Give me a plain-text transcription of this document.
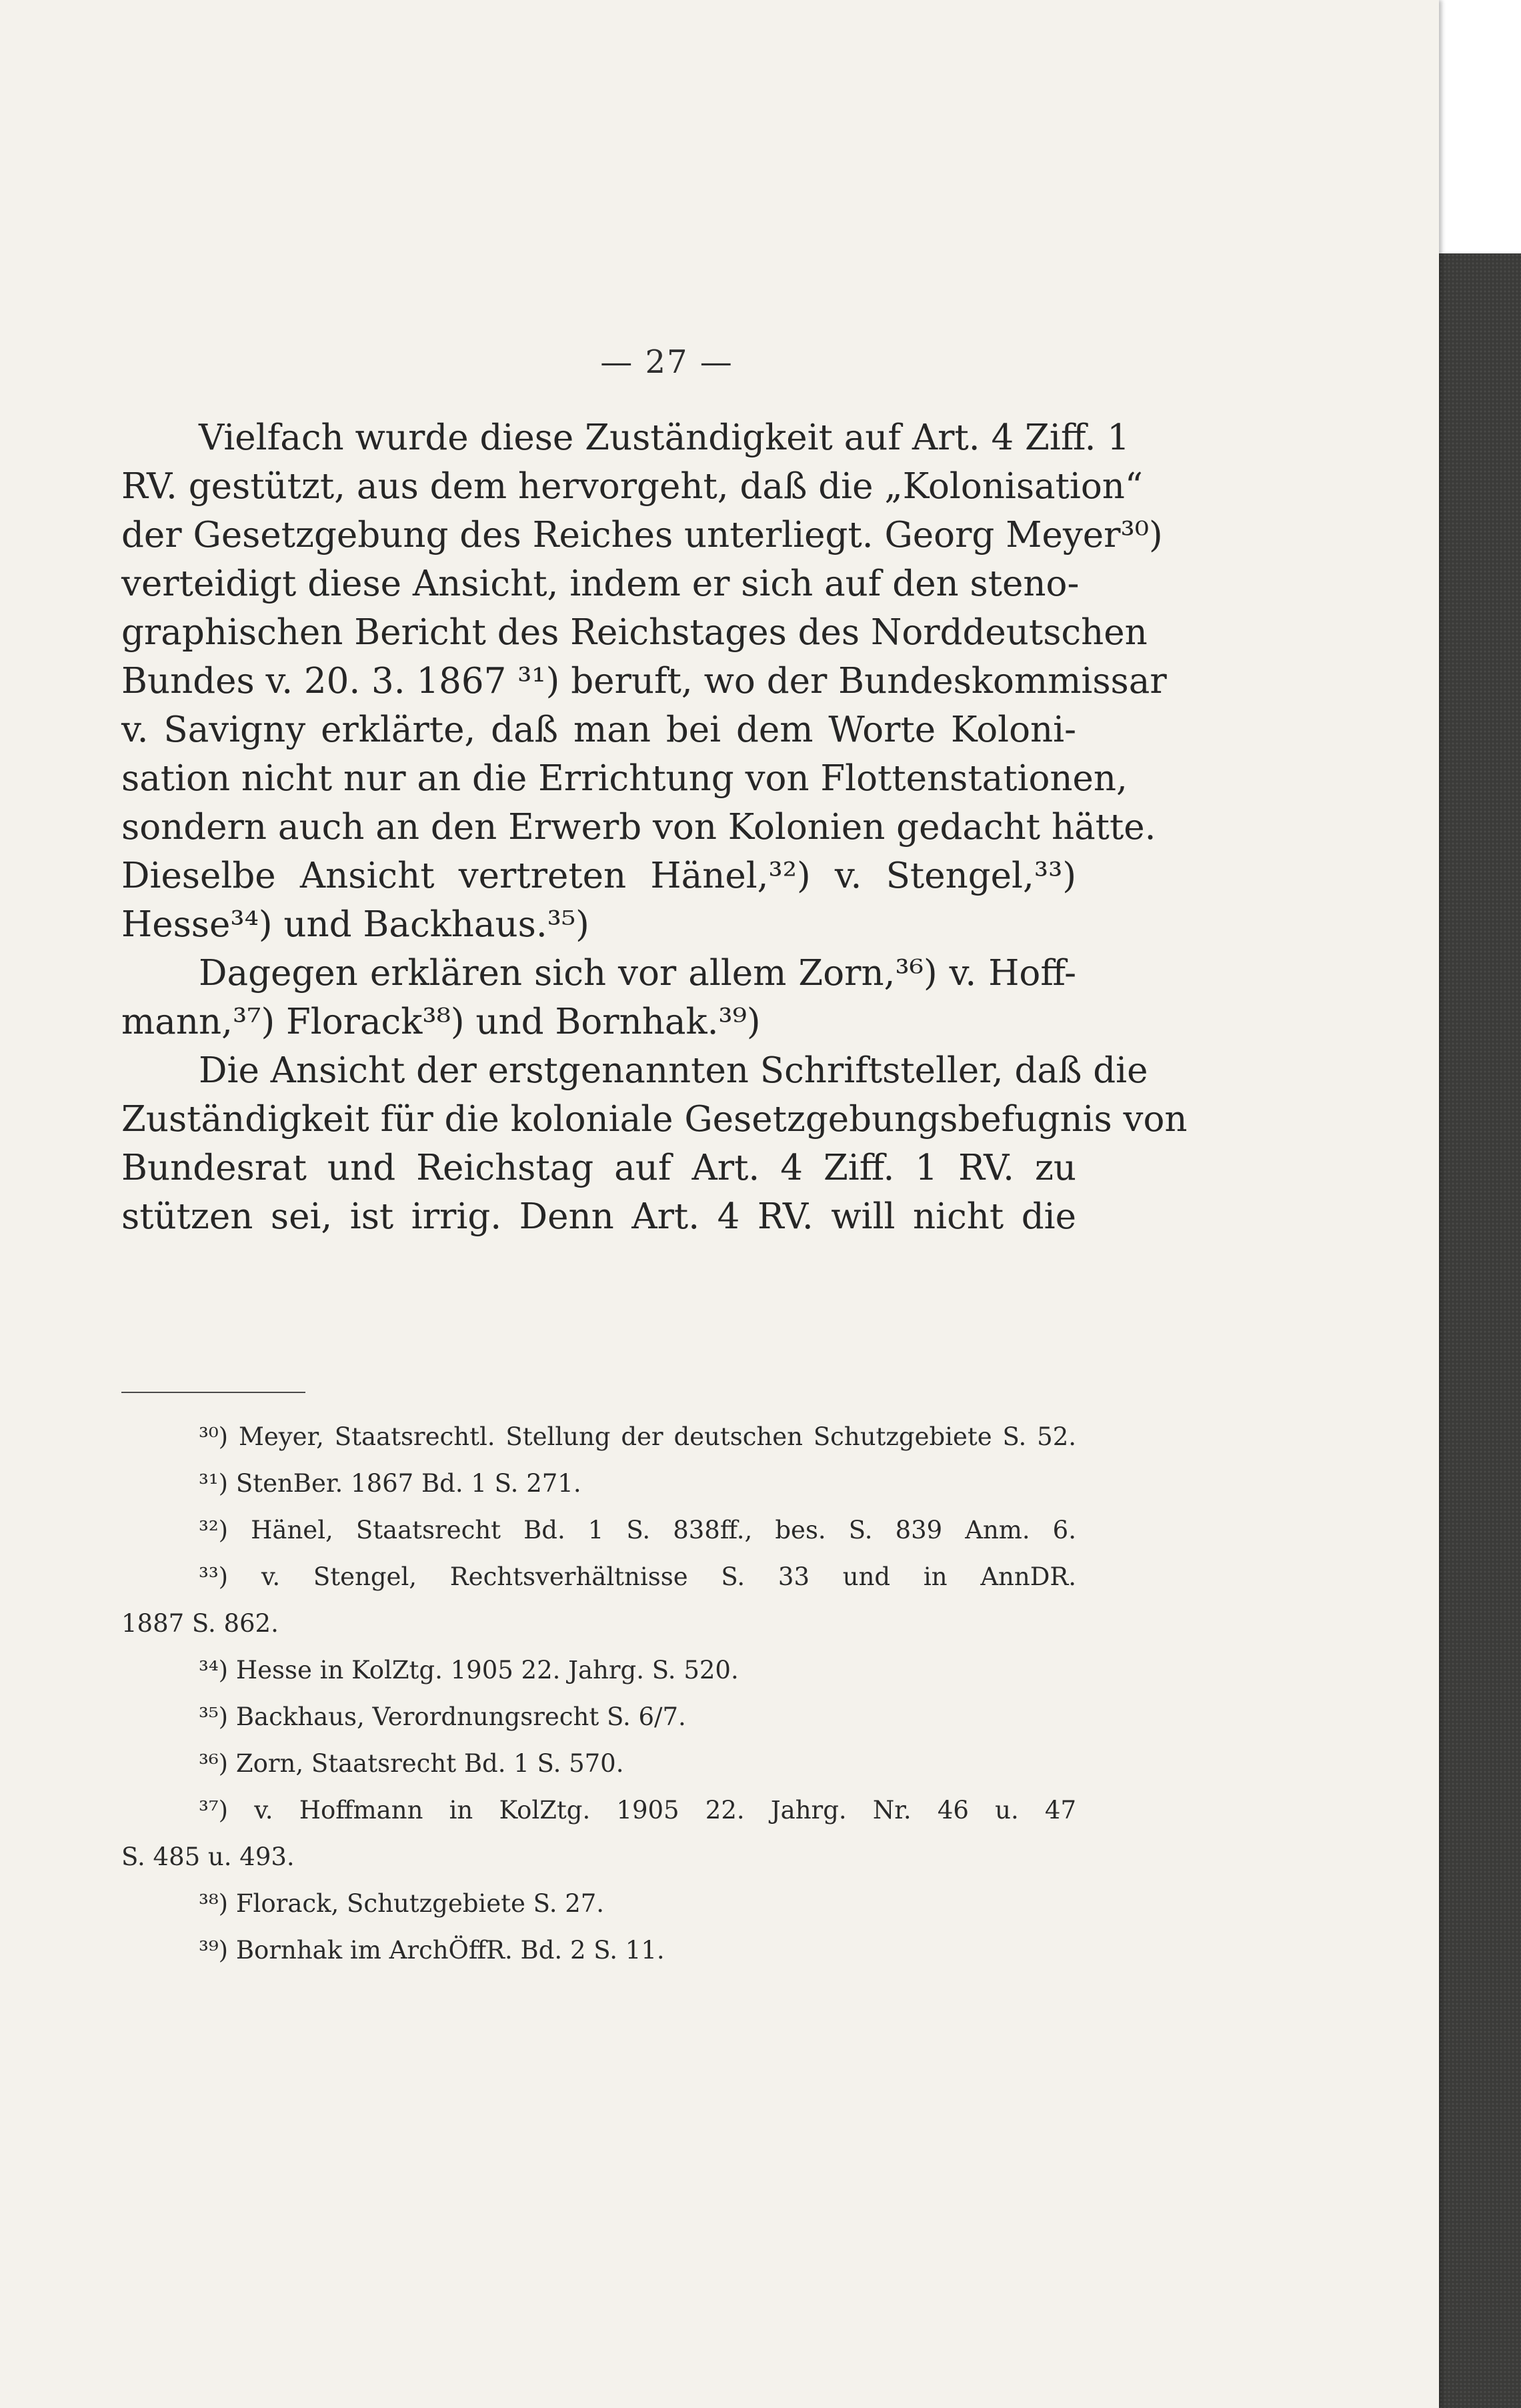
— 27 —
Vielfach wurde diese Zuständigkeit auf Art. 4 Ziff. 1
RV. gestützt, aus dem hervorgeht, daß die „Kolonisation“
der Gesetzgebung des Reiches unterliegt. Georg Meyer³⁰)
verteidigt diese Ansicht, indem er sich auf den steno-
graphischen Bericht des Reichstages des Norddeutschen
Bundes v. 20. 3. 1867 ³¹) beruft, wo der Bundeskommissar
v. Savigny erklärte, daß man bei dem Worte Koloni-
sation nicht nur an die Errichtung von Flottenstationen,
sondern auch an den Erwerb von Kolonien gedacht hätte.
Dieselbe Ansicht vertreten Hänel,³²) v. Stengel,³³)
Hesse³⁴) und Backhaus.³⁵)
Dagegen erklären sich vor allem Zorn,³⁶) v. Hoff-
mann,³⁷) Florack³⁸) und Bornhak.³⁹)
Die Ansicht der erstgenannten Schriftsteller, daß die
Zuständigkeit für die koloniale Gesetzgebungsbefugnis von
Bundesrat und Reichstag auf Art. 4 Ziff. 1 RV. zu
stützen sei, ist irrig. Denn Art. 4 RV. will nicht die
³⁰) Meyer, Staatsrechtl. Stellung der deutschen Schutzgebiete S. 52.
³¹) StenBer. 1867 Bd. 1 S. 271.
³²) Hänel, Staatsrecht Bd. 1 S. 838ff., bes. S. 839 Anm. 6.
³³) v. Stengel, Rechtsverhältnisse S. 33 und in AnnDR.
1887 S. 862.
³⁴) Hesse in KolZtg. 1905 22. Jahrg. S. 520.
³⁵) Backhaus, Verordnungsrecht S. 6/7.
³⁶) Zorn, Staatsrecht Bd. 1 S. 570.
³⁷) v. Hoffmann in KolZtg. 1905 22. Jahrg. Nr. 46 u. 47
S. 485 u. 493.
³⁸) Florack, Schutzgebiete S. 27.
³⁹) Bornhak im ArchÖffR. Bd. 2 S. 11.
